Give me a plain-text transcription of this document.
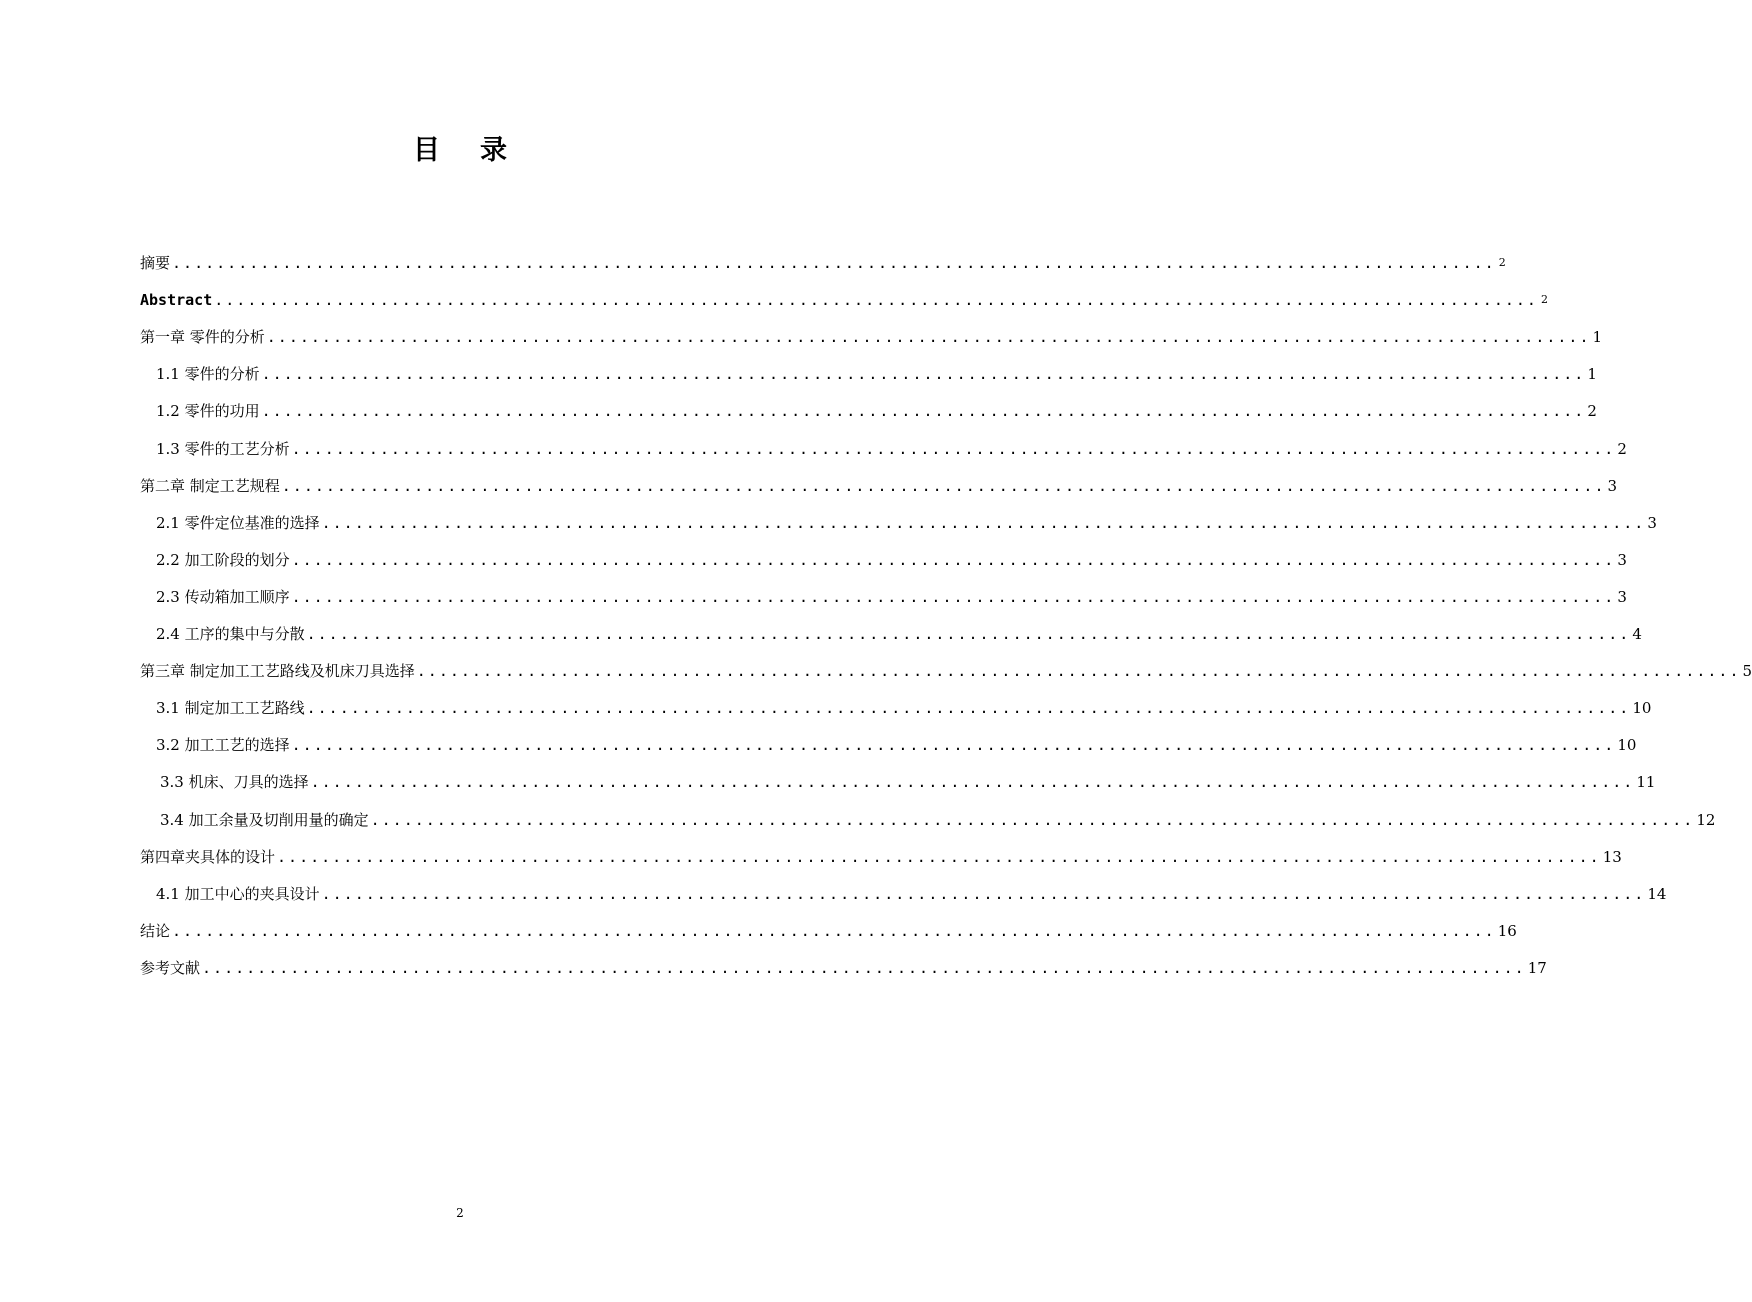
目录
摘要 ........................................................................................................................ 2
Abstract ........................................................................................................................ 2
第一章 零件的分析 ........................................................................................................................ 1
1.1 零件的分析 ........................................................................................................................ 1
1.2 零件的功用 ........................................................................................................................ 2
1.3 零件的工艺分析 ........................................................................................................................ 2
第二章 制定工艺规程 ........................................................................................................................ 3
2.1 零件定位基准的选择 ........................................................................................................................ 3
2.2 加工阶段的划分 ........................................................................................................................ 3
2.3 传动箱加工顺序 ........................................................................................................................ 3
2.4 工序的集中与分散 ........................................................................................................................ 4
第三章 制定加工工艺路线及机床刀具选择 ........................................................................................................................ 5
3.1 制定加工工艺路线 ........................................................................................................................ 10
3.2 加工工艺的选择 ........................................................................................................................ 10
3.3 机床、刀具的选择 ........................................................................................................................ 11
3.4 加工余量及切削用量的确定 ........................................................................................................................ 12
第四章夹具体的设计 ........................................................................................................................ 13
4.1 加工中心的夹具设计 ........................................................................................................................ 14
结论 ........................................................................................................................ 16
参考文献 ........................................................................................................................ 17
2
